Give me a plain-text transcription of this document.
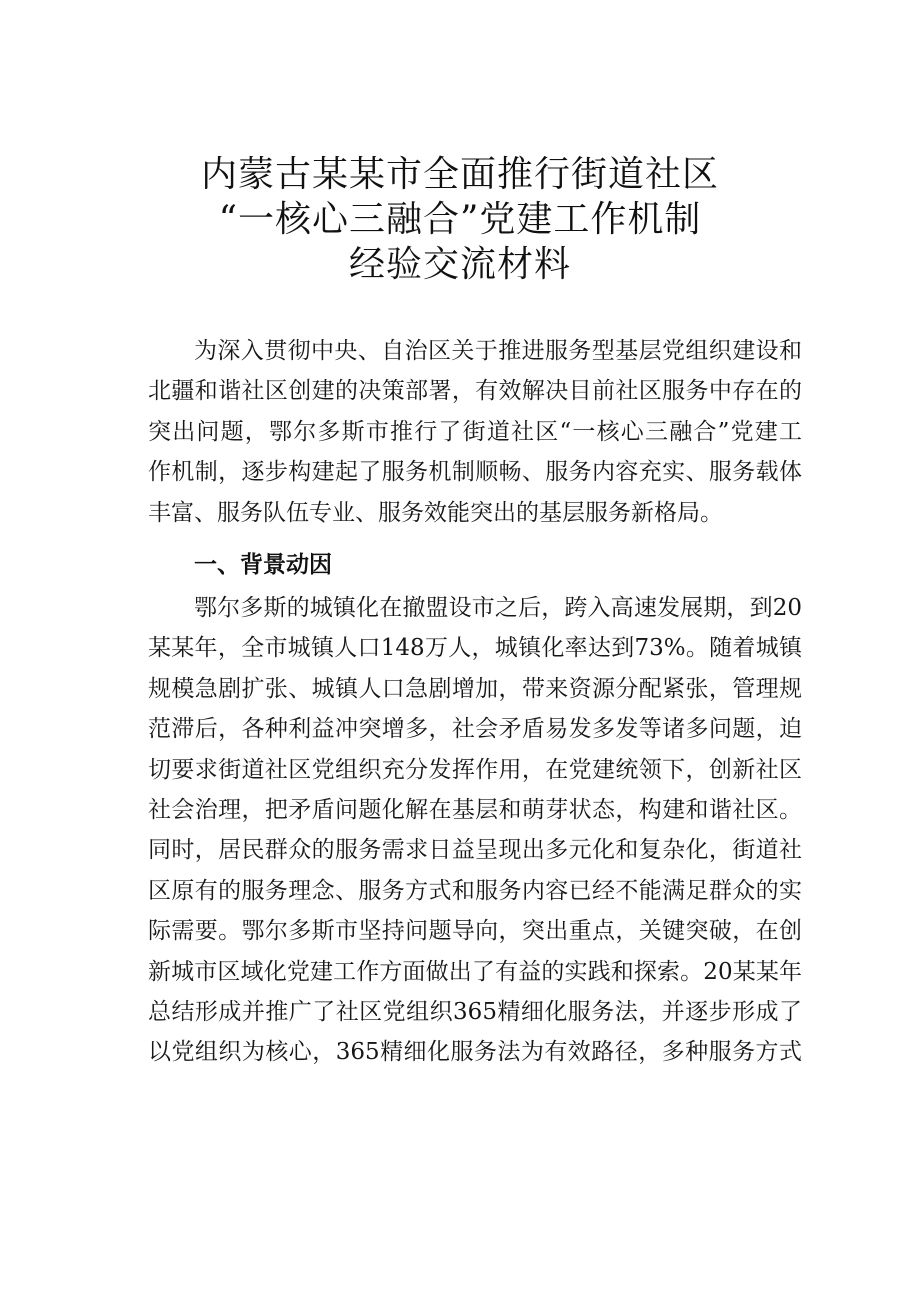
内蒙古某某市全面推行街道社区
“一核心三融合”党建工作机制
经验交流材料
为深入贯彻中央、自治区关于推进服务型基层党组织建设和
北疆和谐社区创建的决策部署，有效解决目前社区服务中存在的
突出问题，鄂尔多斯市推行了街道社区“一核心三融合”党建工
作机制，逐步构建起了服务机制顺畅、服务内容充实、服务载体
丰富、服务队伍专业、服务效能突出的基层服务新格局。
一、背景动因
鄂尔多斯的城镇化在撤盟设市之后，跨入高速发展期，到20
某某年，全市城镇人口148万人，城镇化率达到73%。随着城镇
规模急剧扩张、城镇人口急剧增加，带来资源分配紧张，管理规
范滞后，各种利益冲突增多，社会矛盾易发多发等诸多问题，迫
切要求街道社区党组织充分发挥作用，在党建统领下，创新社区
社会治理，把矛盾问题化解在基层和萌芽状态，构建和谐社区。
同时，居民群众的服务需求日益呈现出多元化和复杂化，街道社
区原有的服务理念、服务方式和服务内容已经不能满足群众的实
际需要。鄂尔多斯市坚持问题导向，突出重点，关键突破，在创
新城市区域化党建工作方面做出了有益的实践和探索。20某某年
总结形成并推广了社区党组织365精细化服务法，并逐步形成了
以党组织为核心，365精细化服务法为有效路径，多种服务方式
